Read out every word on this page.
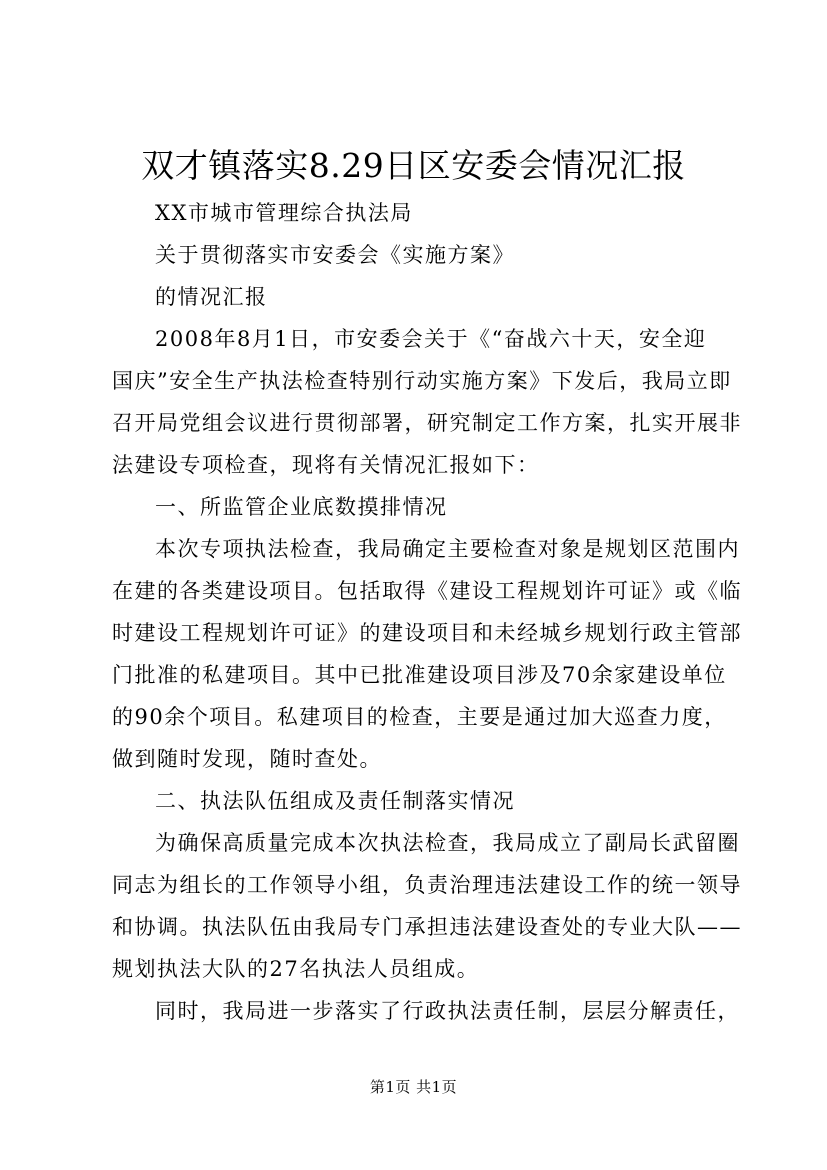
双才镇落实8.29日区安委会情况汇报
XX市城市管理综合执法局
关于贯彻落实市安委会《实施方案》
的情况汇报
2008年8月1日，市安委会关于《“奋战六十天，安全迎
国庆”安全生产执法检查特别行动实施方案》下发后，我局立即
召开局党组会议进行贯彻部署，研究制定工作方案，扎实开展非
法建设专项检查，现将有关情况汇报如下：
一、所监管企业底数摸排情况
本次专项执法检查，我局确定主要检查对象是规划区范围内
在建的各类建设项目。包括取得《建设工程规划许可证》或《临
时建设工程规划许可证》的建设项目和未经城乡规划行政主管部
门批准的私建项目。其中已批准建设项目涉及70余家建设单位
的90余个项目。私建项目的检查，主要是通过加大巡查力度，
做到随时发现，随时查处。
二、执法队伍组成及责任制落实情况
为确保高质量完成本次执法检查，我局成立了副局长武留圈
同志为组长的工作领导小组，负责治理违法建设工作的统一领导
和协调。执法队伍由我局专门承担违法建设查处的专业大队——
规划执法大队的27名执法人员组成。
同时，我局进一步落实了行政执法责任制，层层分解责任，
第1页 共1页
